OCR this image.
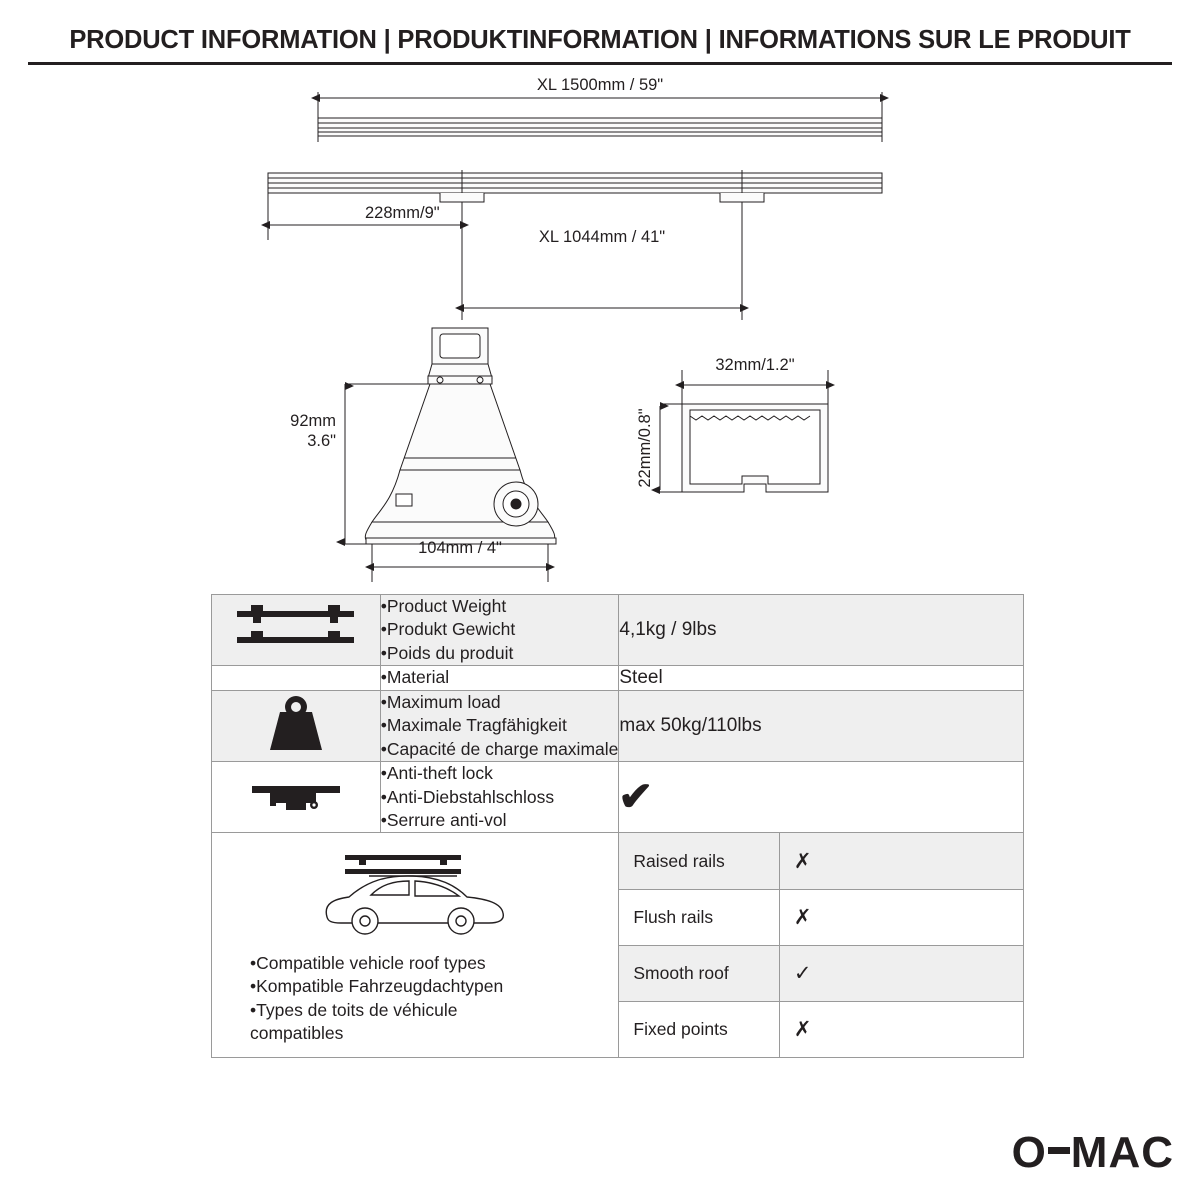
PRODUCT INFORMATION | PRODUKTINFORMATION | INFORMATIONS SUR LE PRODUIT
XL 1500mm / 59"
228mm/9"
XL 1044mm / 41"
92mm
3.6"
104mm / 4"
32mm/1.2"
22mm/0.8"

•Product Weight
•Produkt Gewicht
•Poids du produit
	4,1kg / 9lbs

•Material	Steel

•Maximum load
•Maximale Tragfähigkeit
•Capacité de charge maximale
	max 50kg/110lbs

•Anti-theft lock
•Anti-Diebstahlschloss
•Serrure anti-vol
	✔

•Compatible vehicle roof types
•Kompatible Fahrzeugdachtypen
•Types de toits de véhicule
compatibles

Raised rails	✗
Flush rails	✗
Smooth roof	✓
Fixed points	✗
O MAC
